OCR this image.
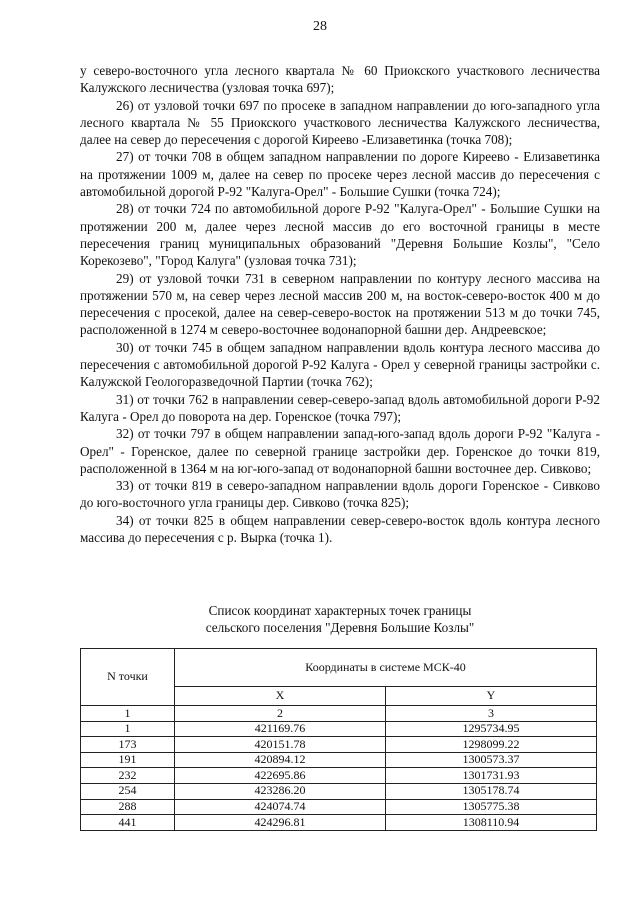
28

у северо-восточного угла лесного квартала № 60 Приокского участкового лесничества Калужского лесничества (узловая точка 697);

26) от узловой точки 697 по просеке в западном направлении до юго-западного угла лесного квартала № 55 Приокского участкового лесничества Калужского лесничества, далее на север до пересечения с дорогой Киреево -Елизаветинка (точка 708);

27) от точки 708 в общем западном направлении по дороге Киреево - Елизаветинка на протяжении 1009 м, далее на север по просеке через лесной массив до пересечения с автомобильной дорогой Р-92 "Калуга-Орел" - Большие Сушки (точка 724);

28) от точки 724 по автомобильной дороге Р-92 "Калуга-Орел" - Большие Сушки на протяжении 200 м, далее через лесной массив до его восточной границы в месте пересечения границ муниципальных образований "Деревня Большие Козлы", "Село Корекозево", "Город Калуга" (узловая точка 731);

29) от узловой точки 731 в северном направлении по контуру лесного массива на протяжении 570 м, на север через лесной массив 200 м, на восток-северо-восток 400 м до пересечения с просекой, далее на север-северо-восток на протяжении 513 м до точки 745, расположенной в 1274 м северо-восточнее водонапорной башни дер. Андреевское;

30) от точки 745 в общем западном направлении вдоль контура лесного массива до пересечения с автомобильной дорогой Р-92 Калуга - Орел у северной границы застройки с. Калужской Геологоразведочной Партии (точка 762);

31) от точки 762 в направлении север-северо-запад вдоль автомобильной дороги Р-92 Калуга - Орел до поворота на дер. Горенское (точка 797);

32) от точки 797 в общем направлении запад-юго-запад вдоль дороги Р-92 "Калуга - Орел" - Горенское, далее по северной границе застройки дер. Горенское до точки 819, расположенной в 1364 м на юг-юго-запад от водонапорной башни восточнее дер. Сивково;

33) от точки 819 в северо-западном направлении вдоль дороги Горенское - Сивково до юго-восточного угла границы дер. Сивково (точка 825);

34) от точки 825 в общем направлении север-северо-восток вдоль контура лесного массива до пересечения с р. Вырка (точка 1).

Список координат характерных точек границы
сельского поселения "Деревня Большие Козлы"
N точки	Координаты в системе МСК-40	
	X	Y
1	2	3
1	421169.76	1295734.95
173	420151.78	1298099.22
191	420894.12	1300573.37
232	422695.86	1301731.93
254	423286.20	1305178.74
288	424074.74	1305775.38
441	424296.81	1308110.94
